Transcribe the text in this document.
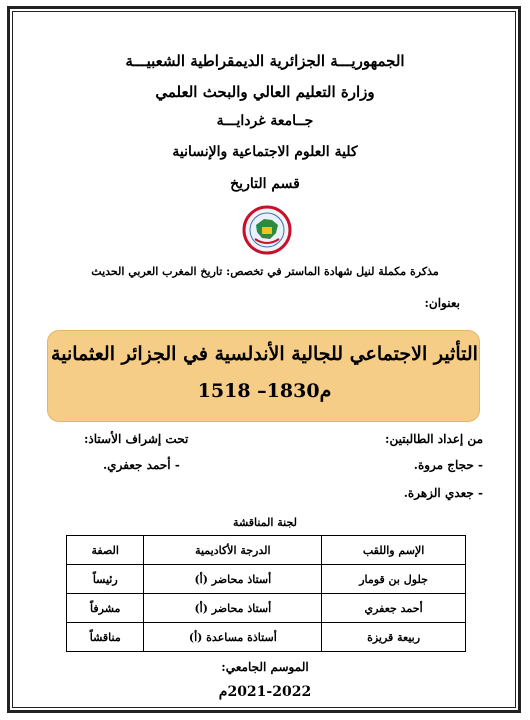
الجمهوريـــة الجزائرية الديمقراطية الشعبيـــة
وزارة التعليم العالي والبحث العلمي
جــامعة غردايـــة
كلية العلوم الاجتماعية والإنسانية
قسم التاريخ
مذكرة مكملة لنيل شهادة الماستر في تخصص: تاريخ المغرب العربي الحديث
بعنوان:
التأثير الاجتماعي للجالية الأندلسية في الجزائر العثمانية
1518 –1830م
من إعداد الطالبتين:
- حجاج مروة.
- جعدي الزهرة.
تحت إشراف الأستاذ:
- أحمد جعفري.
لجنة المناقشة
الإسم واللقب	الدرجة الأكاديمية	الصفة
جلول بن قومار	أستاذ محاضر (أ)	رئيساً
أحمد جعفري	أستاذ محاضر (أ)	مشرفاً
ربيعة قريزة	أستاذة مساعدة (أ)	مناقشاً
الموسم الجامعي:
2021-2022م
